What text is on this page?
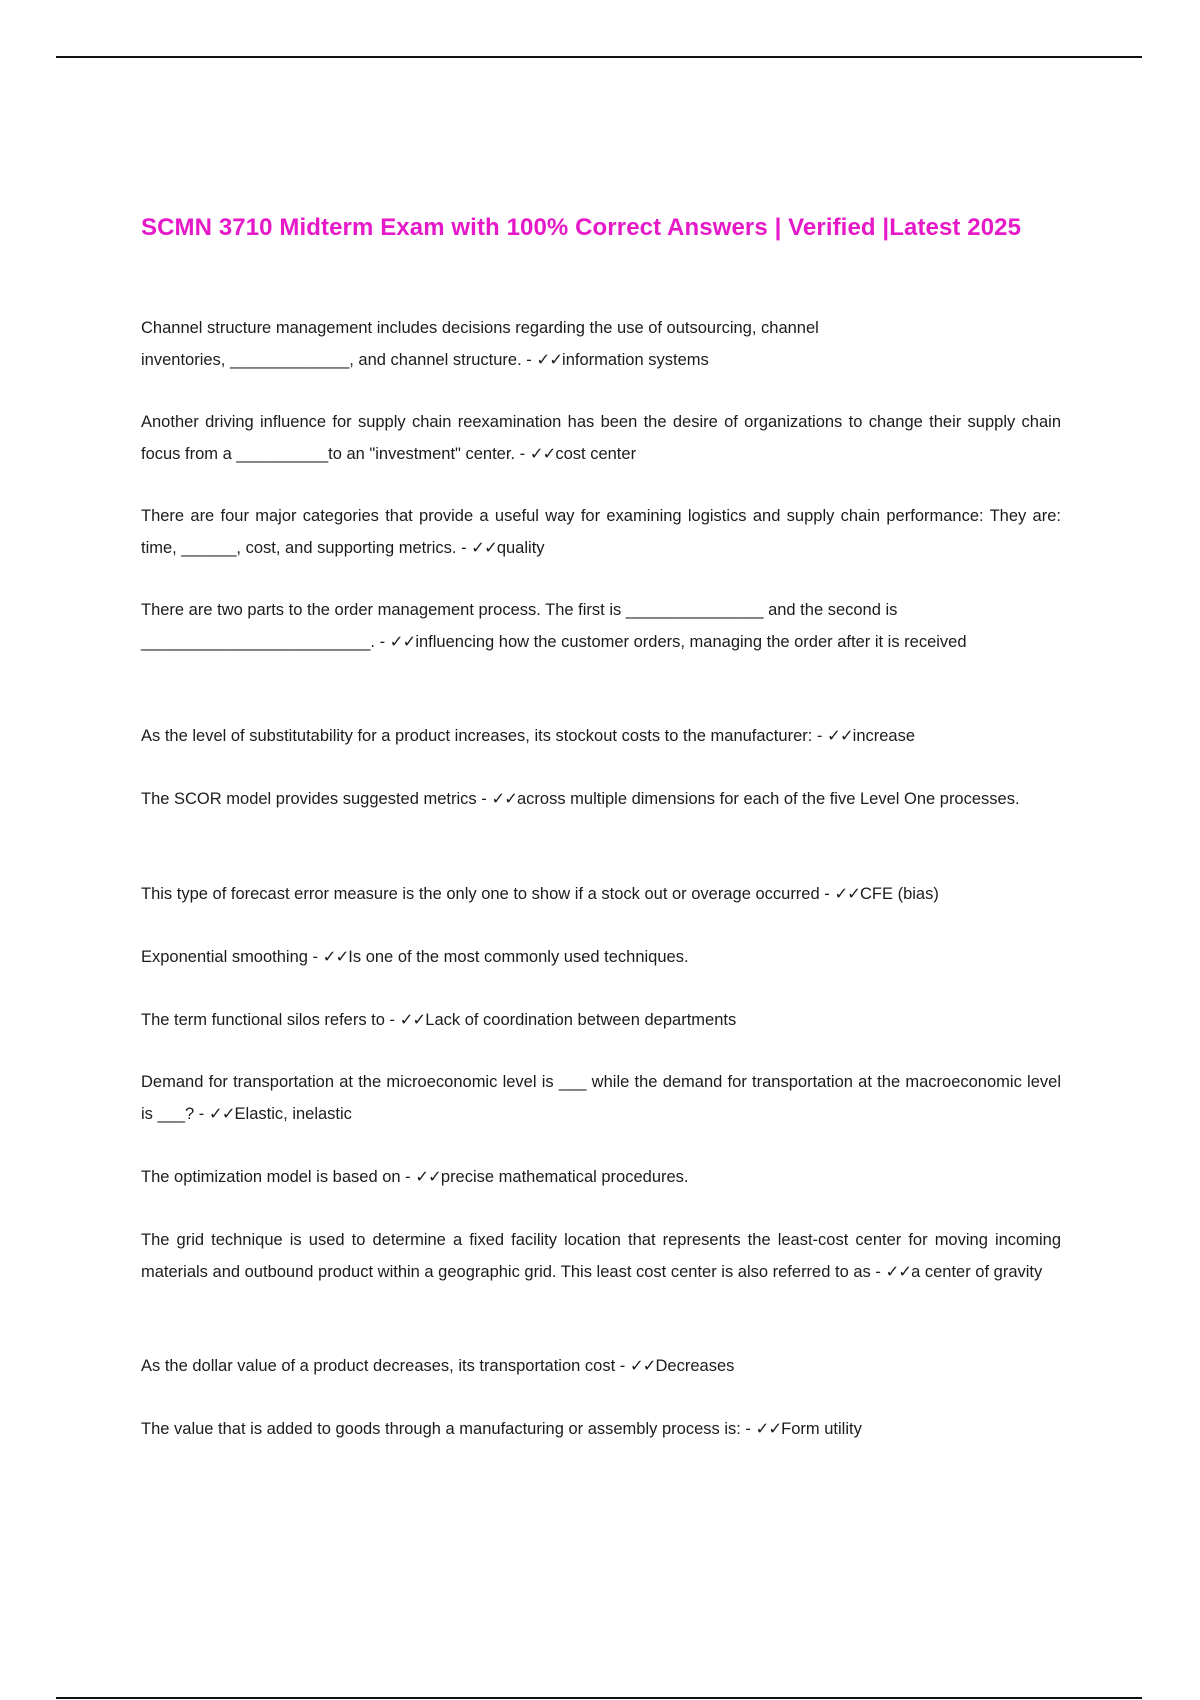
SCMN 3710 Midterm Exam with 100% Correct Answers | Verified |Latest 2025

Channel structure management includes decisions regarding the use of outsourcing, channel inventories, _____________, and channel structure. - ✓✓information systems

Another driving influence for supply chain reexamination has been the desire of organizations to change their supply chain focus from a __________to an "investment" center. - ✓✓cost center

There are four major categories that provide a useful way for examining logistics and supply chain performance: They are: time, ______, cost, and supporting metrics. - ✓✓quality

There are two parts to the order management process. The first is _______________ and the second is _________________________. - ✓✓influencing how the customer orders, managing the order after it is received

As the level of substitutability for a product increases, its stockout costs to the manufacturer: - ✓✓increase

The SCOR model provides suggested metrics - ✓✓across multiple dimensions for each of the five Level One processes.

This type of forecast error measure is the only one to show if a stock out or overage occurred - ✓✓CFE (bias)

Exponential smoothing - ✓✓Is one of the most commonly used techniques.

The term functional silos refers to - ✓✓Lack of coordination between departments

Demand for transportation at the microeconomic level is ___ while the demand for transportation at the macroeconomic level is ___? - ✓✓Elastic, inelastic

The optimization model is based on - ✓✓precise mathematical procedures.

The grid technique is used to determine a fixed facility location that represents the least-cost center for moving incoming materials and outbound product within a geographic grid. This least cost center is also referred to as - ✓✓a center of gravity

As the dollar value of a product decreases, its transportation cost - ✓✓Decreases

The value that is added to goods through a manufacturing or assembly process is: - ✓✓Form utility
